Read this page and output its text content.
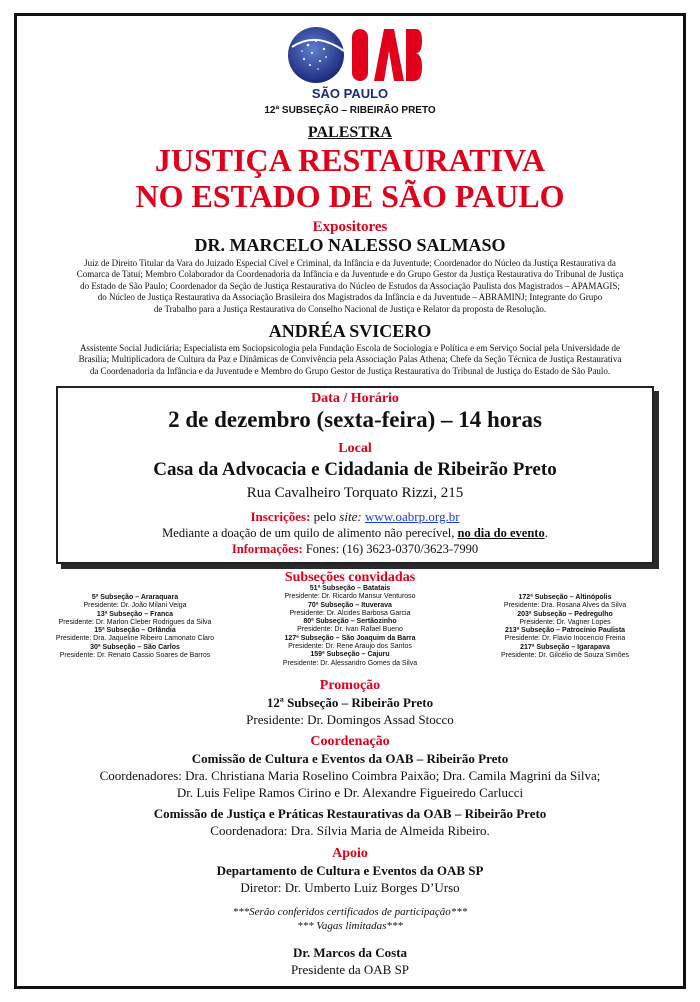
SÃO PAULO
12ª SUBSEÇÃO – RIBEIRÃO PRETO
PALESTRA
JUSTIÇA RESTAURATIVA
NO ESTADO DE SÃO PAULO
Expositores
DR. MARCELO NALESSO SALMASO
Juiz de Direito Titular da Vara do Juizado Especial Cível e Criminal, da Infância e da Juventude; Coordenador do Núcleo da Justiça Restaurativa da
Comarca de Tatuí; Membro Colaborador da Coordenadoria da Infância e da Juventude e do Grupo Gestor da Justiça Restaurativa do Tribunal de Justiça
do Estado de São Paulo; Coordenador da Seção de Justiça Restaurativa do Núcleo de Estudos da Associação Paulista dos Magistrados – APAMAGIS;
do Núcleo de Justiça Restaurativa da Associação Brasileira dos Magistrados da Infância e da Juventude – ABRAMINJ; Integrante do Grupo
de Trabalho para a Justiça Restaurativa do Conselho Nacional de Justiça e Relator da proposta de Resolução.
ANDRÉA SVICERO
Assistente Social Judiciária; Especialista em Sociopsicologia pela Fundação Escola de Sociologia e Política e em Serviço Social pela Universidade de
Brasília; Multiplicadora de Cultura da Paz e Dinâmicas de Convivência pela Associação Palas Athena; Chefe da Seção Técnica de Justiça Restaurativa
da Coordenadoria da Infância e da Juventude e Membro do Grupo Gestor de Justiça Restaurativa do Tribunal de Justiça do Estado de São Paulo.
Data / Horário
2 de dezembro (sexta-feira) – 14 horas
Local
Casa da Advocacia e Cidadania de Ribeirão Preto
Rua Cavalheiro Torquato Rizzi, 215
Inscrições: pelo site: www.oabrp.org.br
Mediante a doação de um quilo de alimento não perecível, no dia do evento.
Informações: Fones: (16) 3623-0370/3623-7990
Subseções convidadas
5ª Subseção – Araraquara
Presidente: Dr. João Milani Veiga
13ª Subseção – Franca
Presidente: Dr. Marlon Cleber Rodrigues da Silva
15ª Subseção – Orlândia
Presidente: Dra. Jaqueline Ribeiro Lamonato Claro
30ª Subseção – São Carlos
Presidente: Dr. Renato Cassio Soares de Barros
51ª Subseção – Batatais
Presidente: Dr. Ricardo Mansur Venturoso
70ª Subseção – Ituverava
Presidente: Dr. Alcides Barbosa Garcia
80ª Subseção – Sertãozinho
Presidente: Dr. Ivan Rafael Bueno
127ª Subseção – São Joaquim da Barra
Presidente: Dr. Rene Araujo dos Santos
159ª Subseção – Cajuru
Presidente: Dr. Alessandro Gomes da Silva
172ª Subseção – Altinópolis
Presidente: Dra. Rosana Alves da Silva
203ª Subseção – Pedregulho
Presidente: Dr. Vagner Lopes
213ª Subseção – Patrocínio Paulista
Presidente: Dr. Flavio Inocencio Freiria
217ª Subseção – Igarapava
Presidente: Dr. Gilcélio de Souza Simões
Promoção
12ª Subseção – Ribeirão Preto
Presidente: Dr. Domingos Assad Stocco
Coordenação
Comissão de Cultura e Eventos da OAB – Ribeirão Preto
Coordenadores: Dra. Christiana Maria Roselino Coimbra Paixão; Dra. Camila Magrini da Silva;
Dr. Luis Felipe Ramos Cirino e Dr. Alexandre Figueiredo Carlucci
Comissão de Justiça e Práticas Restaurativas da OAB – Ribeirão Preto
Coordenadora: Dra. Sílvia Maria de Almeida Ribeiro.
Apoio
Departamento de Cultura e Eventos da OAB SP
Diretor: Dr. Umberto Luiz Borges D’Urso
***Serão conferidos certificados de participação***
*** Vagas limitadas***
Dr. Marcos da Costa
Presidente da OAB SP
